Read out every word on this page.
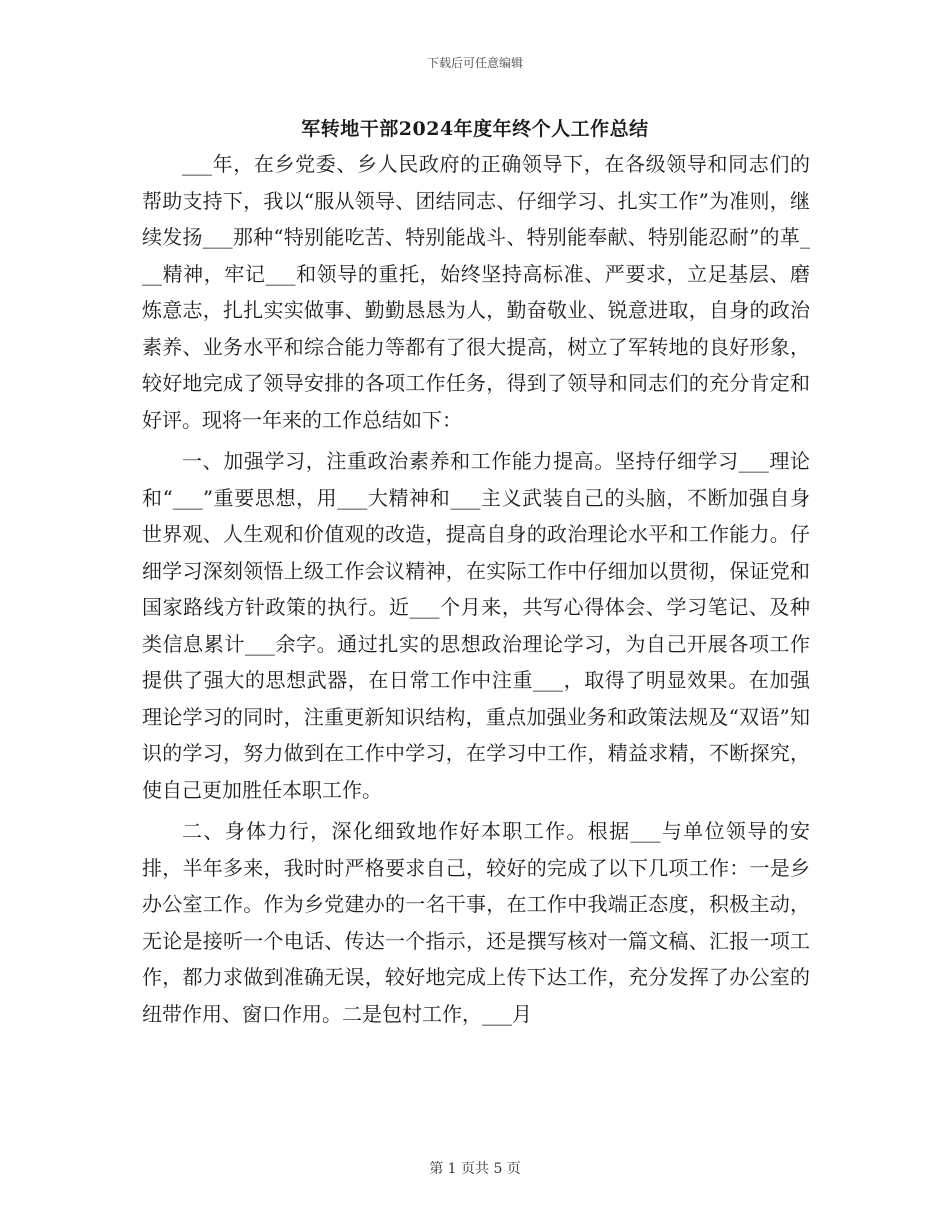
下载后可任意编辑
军转地干部2024年度年终个人工作总结

___年，在乡党委、乡人民政府的正确领导下，在各级领导和同志们的帮助支持下，我以“服从领导、团结同志、仔细学习、扎实工作”为准则，继续发扬___那种“特别能吃苦、特别能战斗、特别能奉献、特别能忍耐”的革___精神，牢记___和领导的重托，始终坚持高标准、严要求，立足基层、磨炼意志，扎扎实实做事、勤勤恳恳为人，勤奋敬业、锐意进取，自身的政治素养、业务水平和综合能力等都有了很大提高，树立了军转地的良好形象，较好地完成了领导安排的各项工作任务，得到了领导和同志们的充分肯定和好评。现将一年来的工作总结如下：

一、加强学习，注重政治素养和工作能力提高。坚持仔细学习___理论和“___”重要思想，用___大精神和___主义武装自己的头脑，不断加强自身世界观、人生观和价值观的改造，提高自身的政治理论水平和工作能力。仔细学习深刻领悟上级工作会议精神，在实际工作中仔细加以贯彻，保证党和国家路线方针政策的执行。近___个月来，共写心得体会、学习笔记、及种类信息累计___余字。通过扎实的思想政治理论学习，为自己开展各项工作提供了强大的思想武器，在日常工作中注重___，取得了明显效果。在加强理论学习的同时，注重更新知识结构，重点加强业务和政策法规及“双语”知识的学习，努力做到在工作中学习，在学习中工作，精益求精，不断探究，使自己更加胜任本职工作。

二、身体力行，深化细致地作好本职工作。根据___与单位领导的安排，半年多来，我时时严格要求自己，较好的完成了以下几项工作：一是乡办公室工作。作为乡党建办的一名干事，在工作中我端正态度，积极主动，无论是接听一个电话、传达一个指示，还是撰写核对一篇文稿、汇报一项工作，都力求做到准确无误，较好地完成上传下达工作，充分发挥了办公室的纽带作用、窗口作用。二是包村工作，___月

第 1 页共 5 页
